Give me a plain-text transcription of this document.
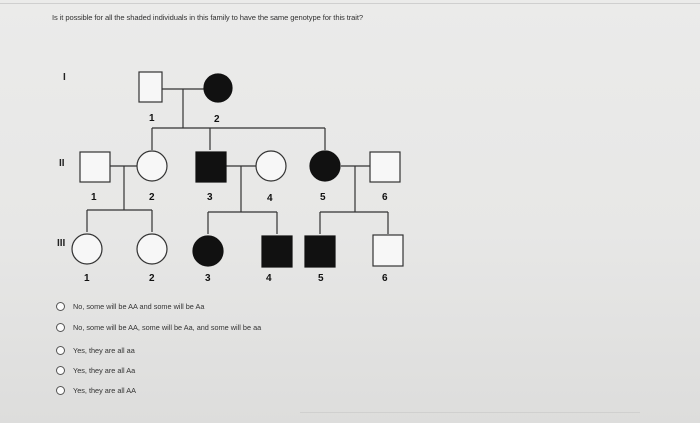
Is it possible for all the shaded individuals in this family to have the same genotype for this trait?
I
II
III
1	2
1	2	3	4	5	6
1	2	3	4	5	6
No, some will be AA and some will be Aa
No, some will be AA, some will be Aa, and some will be aa
Yes, they are all aa
Yes, they are all Aa
Yes, they are all AA
